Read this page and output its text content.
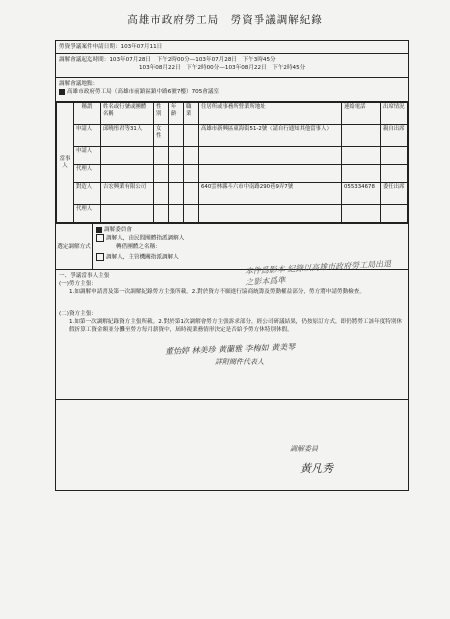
高雄市政府勞工局　勞資爭議調解紀錄
勞資爭議案件申請日期：103年07月11日
調解會議起迄時間：103年07月28日　下午2時00分—103年07月28日　下午3時45分
103年08月22日　下午2時00分—103年08月22日　下午2時45分
調解會議地點：
高雄市政府勞工局（高雄市前鎮區鎮中路6號7樓）705會議室
當事人	稱謂	姓名或行號或團體名稱	性別	年齡	職業	住居所或事務所營業所地址	連絡電話	出席情況
	申請人	邱曉彤君等31人	女性			高雄市新興區東海街51-2號（請自行通知其他當事人）		親自出席
	申請人							
	代理人							
	對造人	吉宏興業有限公司				640雲林縣斗六市中南路290巷9弄7號	055334678	委任出席
	代理人							
選定調解方式
調解委員會
調解人，由民間團體指派調解人
轉借團體之名稱：
調解人，主管機關指派調解人
一、爭議當事人主張
(一)勞方主張：
1.如調解申請書及第一次調解紀錄勞方主張所載。2.對於資方不願進行協商統籌及勞動權益部分，勞方將申請勞動檢查。
(二)資方主張：
1.如第一次調解紀錄資方主張所載。2.對於第1次調解會勞方主張訴求部分，經公司研議結果，仍按原訂方式，即仍將勞工該年度特別休假折算工資金額並分攤至勞方每月薪資中，屆時視業務情形決定是否給予勞方休特別休假。
本件爲影本 紀錄以高雄市政府勞工局出退之影本爲準
董怡婷 林美珍 黃蘭雅 李梅如 黃美琴
詳附閱件代表人
黃凡秀
調解委員
